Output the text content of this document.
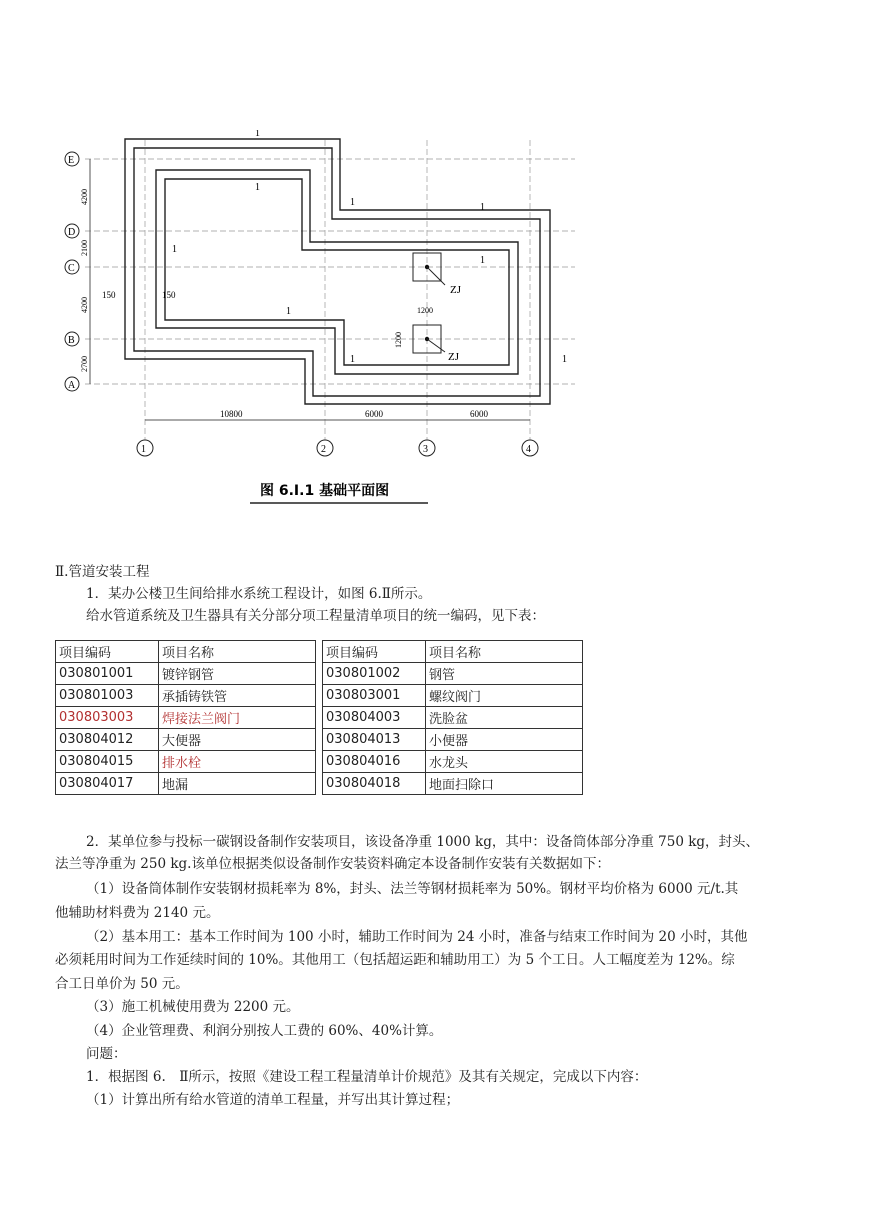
ZJ
ZJ
1200
1200
150	150
E
D
C
B
A
4200
2100
4200
2700
10800	6000	6000
1	2	3	4
1
1
1
1	1
1
1
1	1
图 6.Ⅰ.1 基础平面图
Ⅱ.管道安装工程
1．某办公楼卫生间给排水系统工程设计，如图 6.Ⅱ所示。
给水管道系统及卫生器具有关分部分项工程量清单项目的统一编码，见下表：
项目编码	项目名称		项目编码	项目名称
030801001	镀锌钢管		030801002	钢管
030801003	承插铸铁管		030803001	螺纹阀门
030803003	焊接法兰阀门		030804003	洗脸盆
030804012	大便器		030804013	小便器
030804015	排水栓		030804016	水龙头
030804017	地漏		030804018	地面扫除口
2．某单位参与投标一碳钢设备制作安装项目，该设备净重 1000 kg，其中：设备筒体部分净重 750 kg，封头、
法兰等净重为 250 kg.该单位根据类似设备制作安装资料确定本设备制作安装有关数据如下：
（1）设备筒体制作安装钢材损耗率为 8%，封头、法兰等钢材损耗率为 50%。钢材平均价格为 6000 元/t.其
他辅助材料费为 2140 元。
（2）基本用工：基本工作时间为 100 小时，辅助工作时间为 24 小时，准备与结束工作时间为 20 小时，其他
必须耗用时间为工作延续时间的 10%。其他用工（包括超运距和辅助用工）为 5 个工日。人工幅度差为 12%。综
合工日单价为 50 元。
（3）施工机械使用费为 2200 元。
（4）企业管理费、利润分别按人工费的 60%、40%计算。
问题：
1．根据图 6.　Ⅱ所示，按照《建设工程工程量清单计价规范》及其有关规定，完成以下内容：
（1）计算出所有给水管道的清单工程量，并写出其计算过程；
